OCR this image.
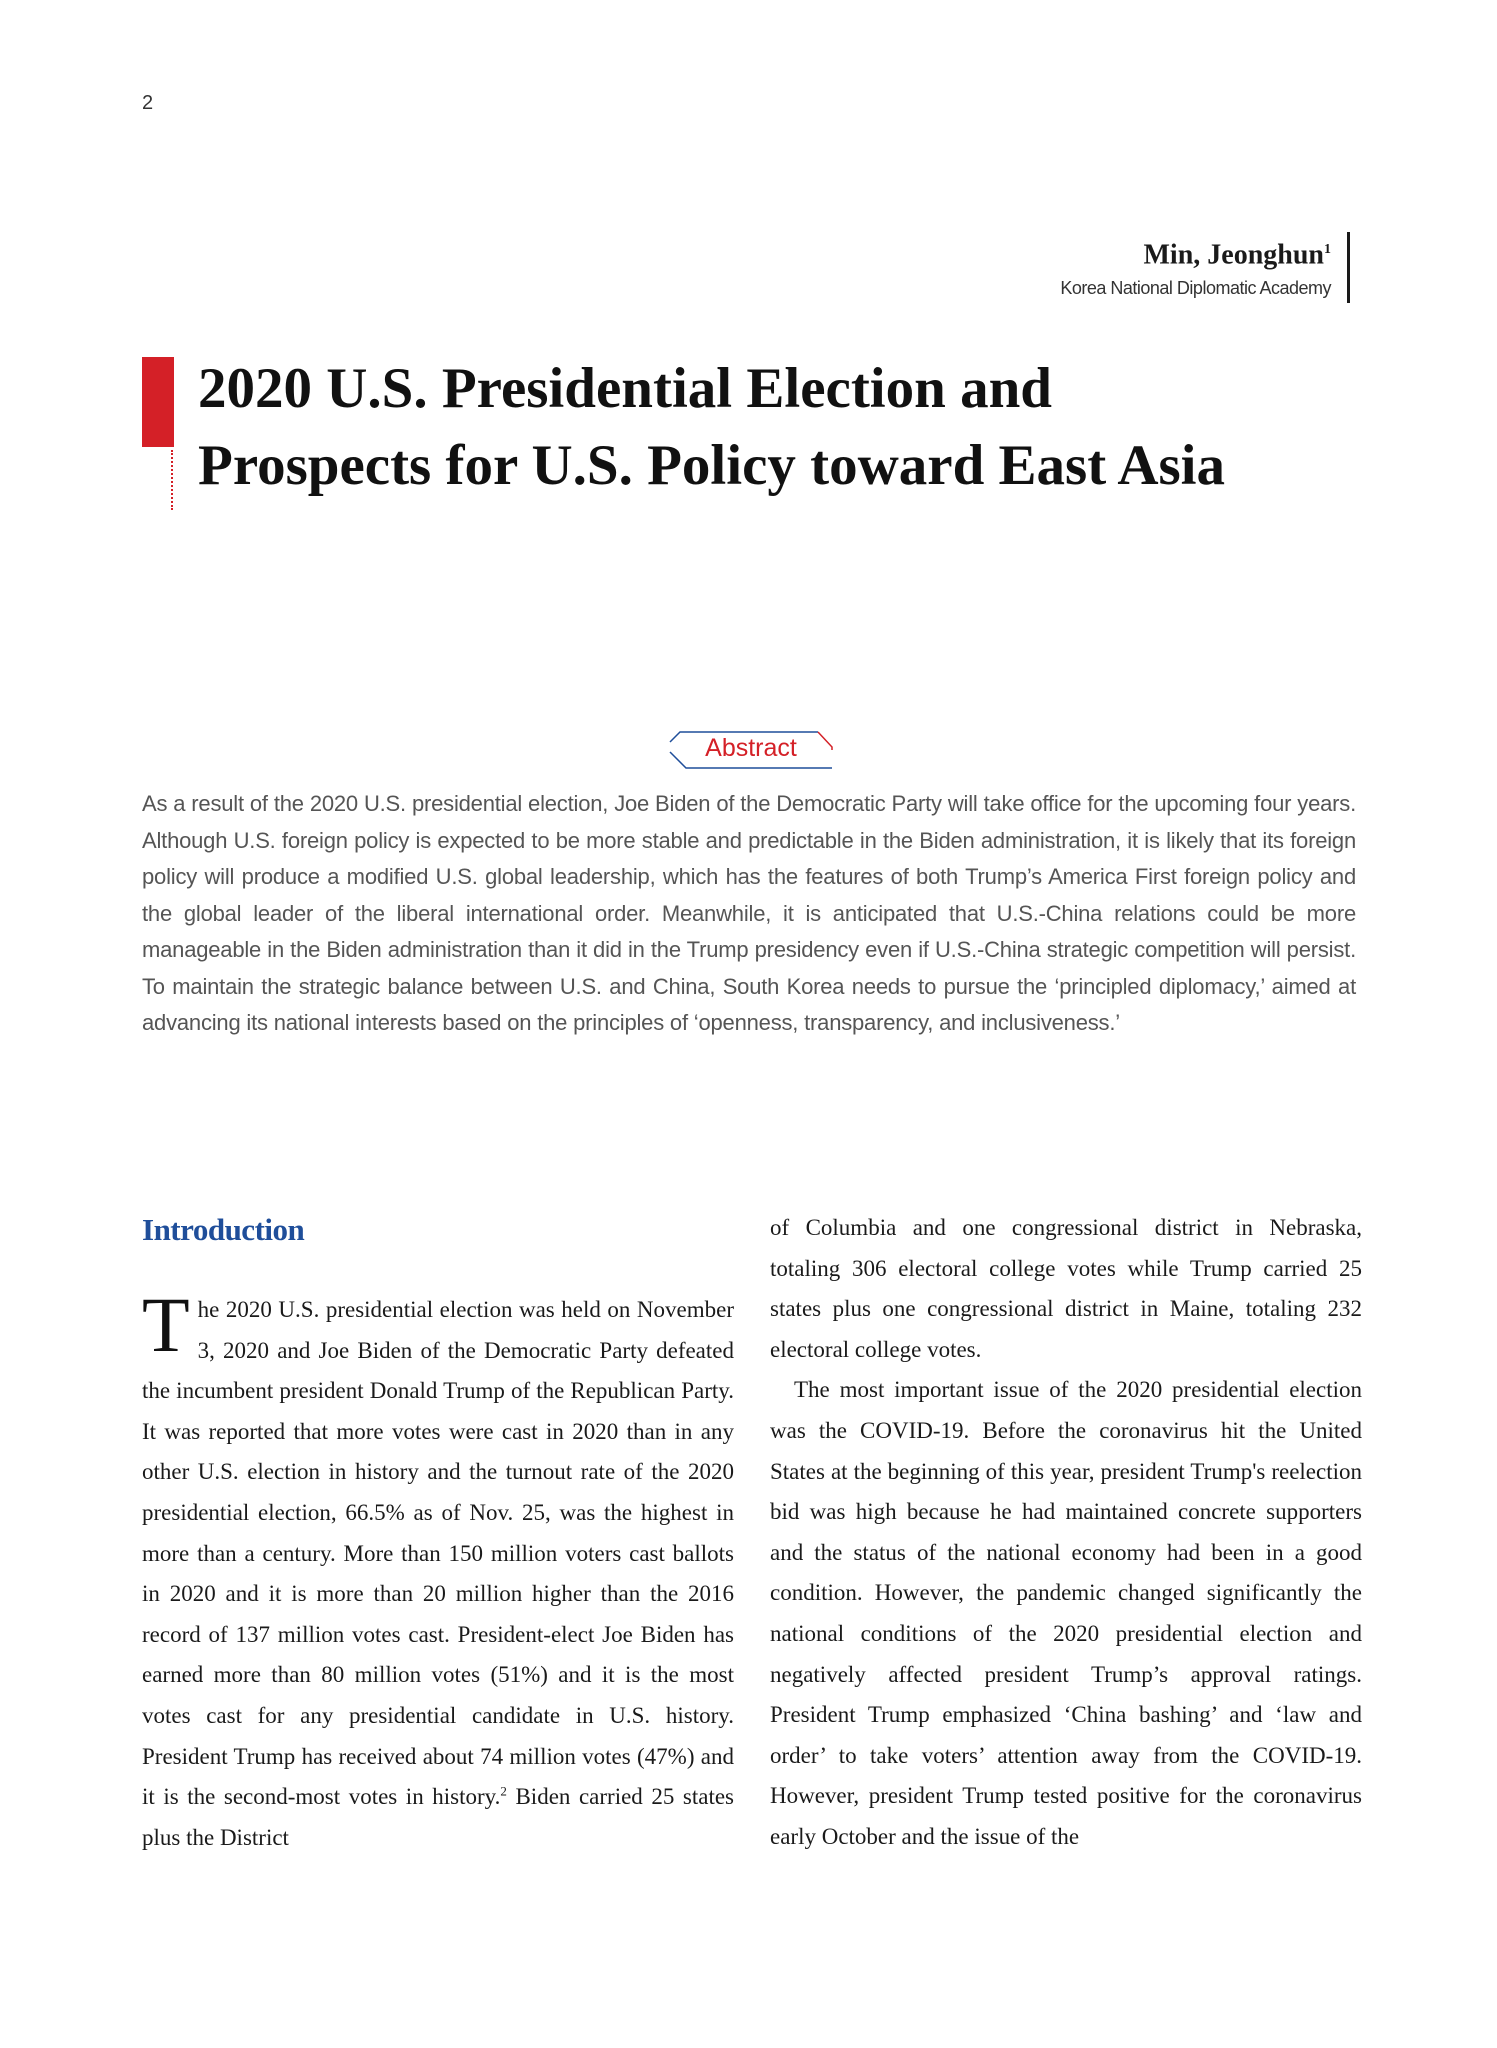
2
Min, Jeonghun$^1$
Korea National Diplomatic Academy
2020 U.S. Presidential Election and
Prospects for U.S. Policy toward East Asia
Abstract

As a result of the 2020 U.S. presidential election, Joe Biden of the Democratic Party will take office for the upcoming four years. Although U.S. foreign policy is expected to be more stable and predictable in the Biden administration, it is likely that its foreign policy will produce a modified U.S. global leadership, which has the features of both Trump’s America First foreign policy and the global leader of the liberal international order. Meanwhile, it is anticipated that U.S.-China relations could be more manageable in the Biden administration than it did in the Trump presidency even if U.S.-China strategic competition will persist. To maintain the strategic balance between U.S. and China, South Korea needs to pursue the ‘principled diplomacy,’ aimed at advancing its national interests based on the principles of ‘openness, transparency, and inclusiveness.’

Introduction

The 2020 U.S. presidential election was held on November 3, 2020 and Joe Biden of the Democratic Party defeated the incumbent president Donald Trump of the Republican Party. It was reported that more votes were cast in 2020 than in any other U.S. election in history and the turnout rate of the 2020 presidential election, 66.5% as of Nov. 25, was the highest in more than a century. More than 150 million voters cast ballots in 2020 and it is more than 20 million higher than the 2016 record of 137 million votes cast. President-elect Joe Biden has earned more than 80 million votes (51%) and it is the most votes cast for any presidential candidate in U.S. history. President Trump has received about 74 million votes (47%) and it is the second-most votes in history.$^2$ Biden carried 25 states plus the District

of Columbia and one congressional district in Nebraska, totaling 306 electoral college votes while Trump carried 25 states plus one congressional district in Maine, totaling 232 electoral college votes.

The most important issue of the 2020 presidential election was the COVID-19. Before the coronavirus hit the United States at the beginning of this year, president Trump's reelection bid was high because he had maintained concrete supporters and the status of the national economy had been in a good condition. However, the pandemic changed significantly the national conditions of the 2020 presidential election and negatively affected president Trump’s approval ratings. President Trump emphasized ‘China bashing’ and ‘law and order’ to take voters’ attention away from the COVID-19. However, president Trump tested positive for the coronavirus early October and the issue of the
